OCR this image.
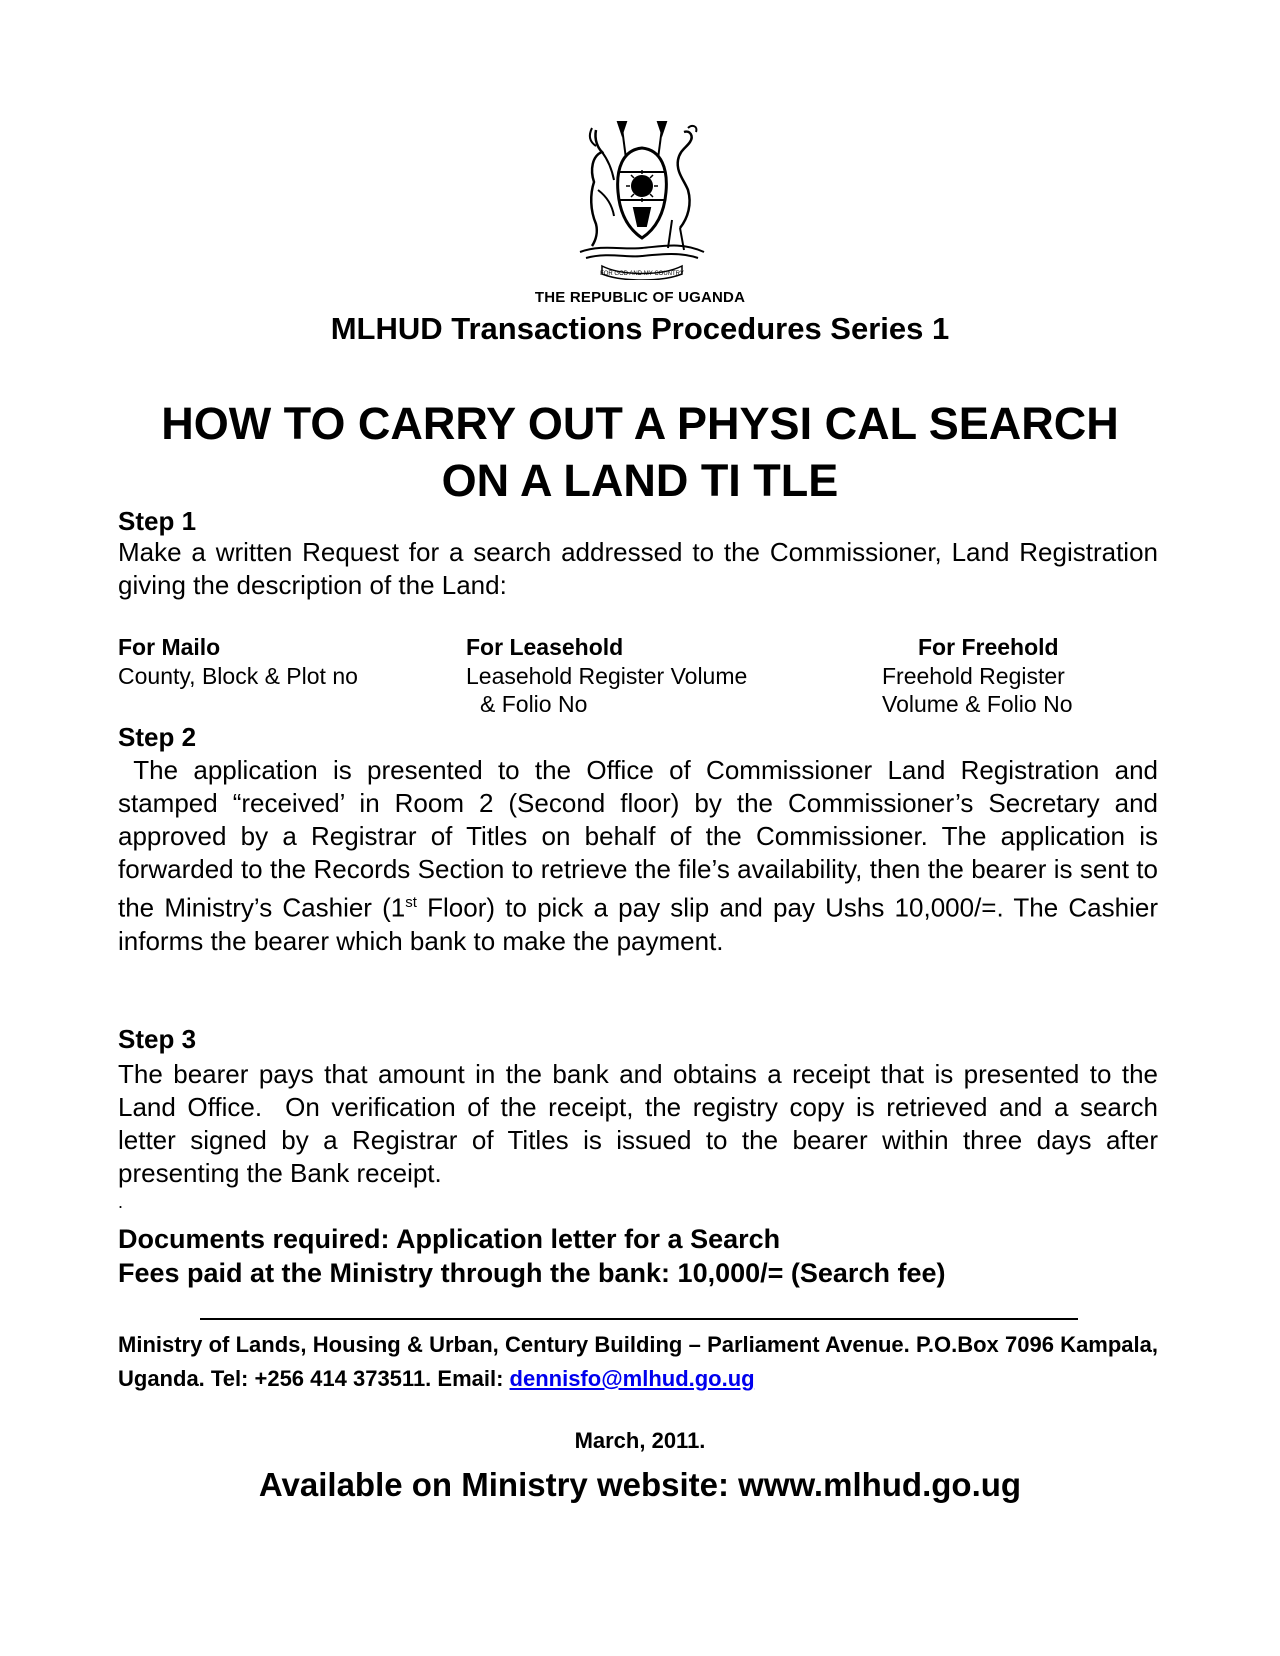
FOR GOD AND MY COUNTRY
THE REPUBLIC OF UGANDA
MLHUD Transactions Procedures Series 1
HOW TO CARRY OUT A PHYSI CAL SEARCH
ON A LAND TI TLE
Step 1
Make a written Request for a search addressed to the Commissioner, Land Registration giving the description of the Land:
For Mailo
County, Block & Plot no
For Leasehold
Leasehold Register Volume
& Folio No
For Freehold
Freehold Register
Volume & Folio No
Step 2
The application is presented to the Office of Commissioner Land Registration and stamped “received’ in Room 2 (Second floor) by the Commissioner’s Secretary and approved by a Registrar of Titles on behalf of the Commissioner. The application is forwarded to the Records Section to retrieve the file’s availability, then the bearer is sent to the Ministry’s Cashier (1st Floor) to pick a pay slip and pay Ushs 10,000/=. The Cashier informs the bearer which bank to make the payment.
Step 3
The bearer pays that amount in the bank and obtains a receipt that is presented to the Land Office.  On verification of the receipt, the registry copy is retrieved and a search letter signed by a Registrar of Titles is issued to the bearer within three days after presenting the Bank receipt.
.
Documents required: Application letter for a Search
Fees paid at the Ministry through the bank: 10,000/= (Search fee)
Ministry of Lands, Housing & Urban, Century Building – Parliament Avenue. P.O.Box 7096 Kampala, Uganda. Tel: +256 414 373511. Email: dennisfo@mlhud.go.ug
March, 2011.
Available on Ministry website: www.mlhud.go.ug
